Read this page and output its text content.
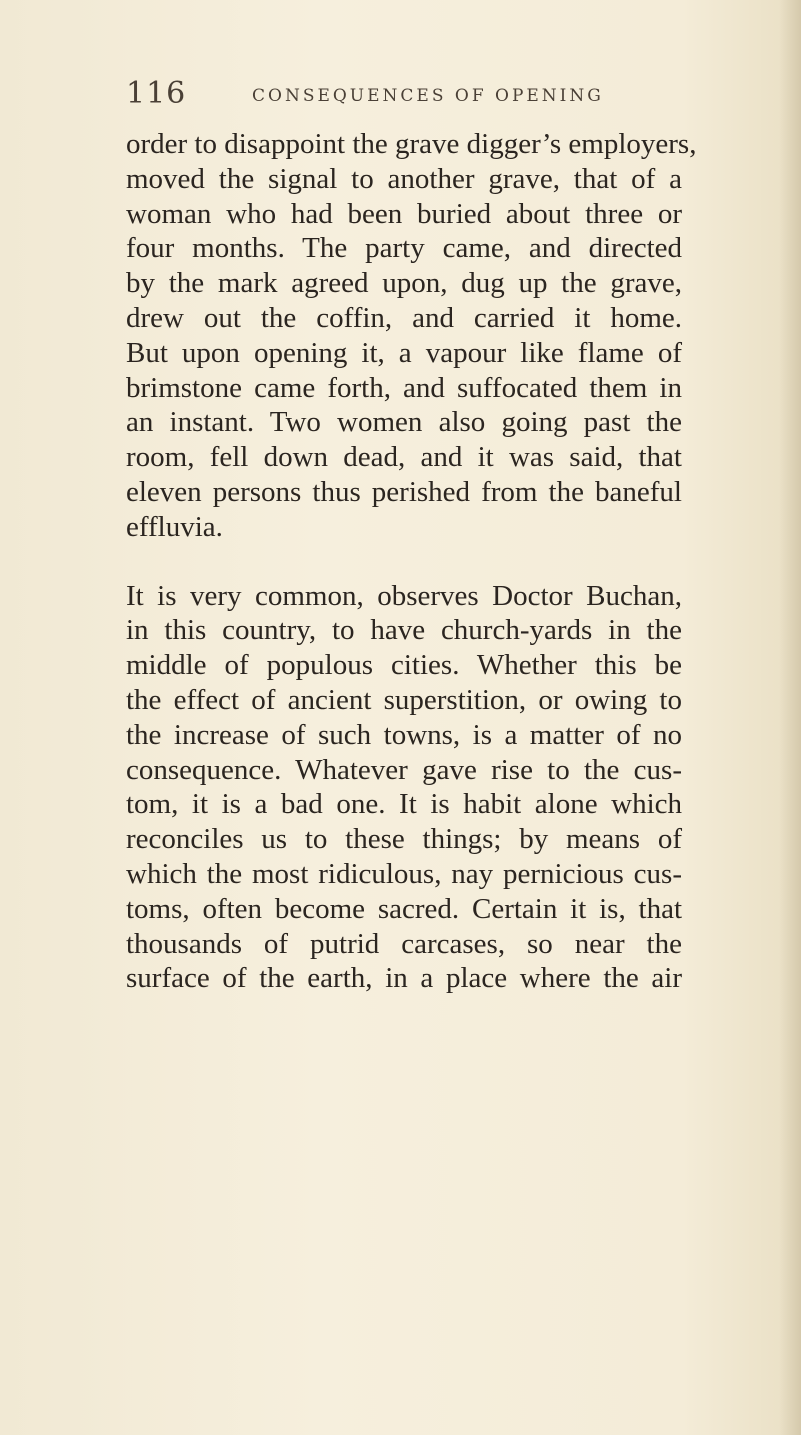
116	CONSEQUENCES OF OPENING

order to disappoint the grave digger’s employers,
moved the signal to another grave, that of a
woman who had been buried about three or
four months. The party came, and directed
by the mark agreed upon, dug up the grave,
drew out the coffin, and carried it home.
But upon opening it, a vapour like flame of
brimstone came forth, and suffocated them in
an instant. Two women also going past the
room, fell down dead, and it was said, that
eleven persons thus perished from the baneful
effluvia.

It is very common, observes Doctor Buchan,
in this country, to have church-yards in the
middle of populous cities. Whether this be
the effect of ancient superstition, or owing to
the increase of such towns, is a matter of no
consequence. Whatever gave rise to the cus-
tom, it is a bad one. It is habit alone which
reconciles us to these things; by means of
which the most ridiculous, nay pernicious cus-
toms, often become sacred. Certain it is, that
thousands of putrid carcases, so near the
surface of the earth, in a place where the air
